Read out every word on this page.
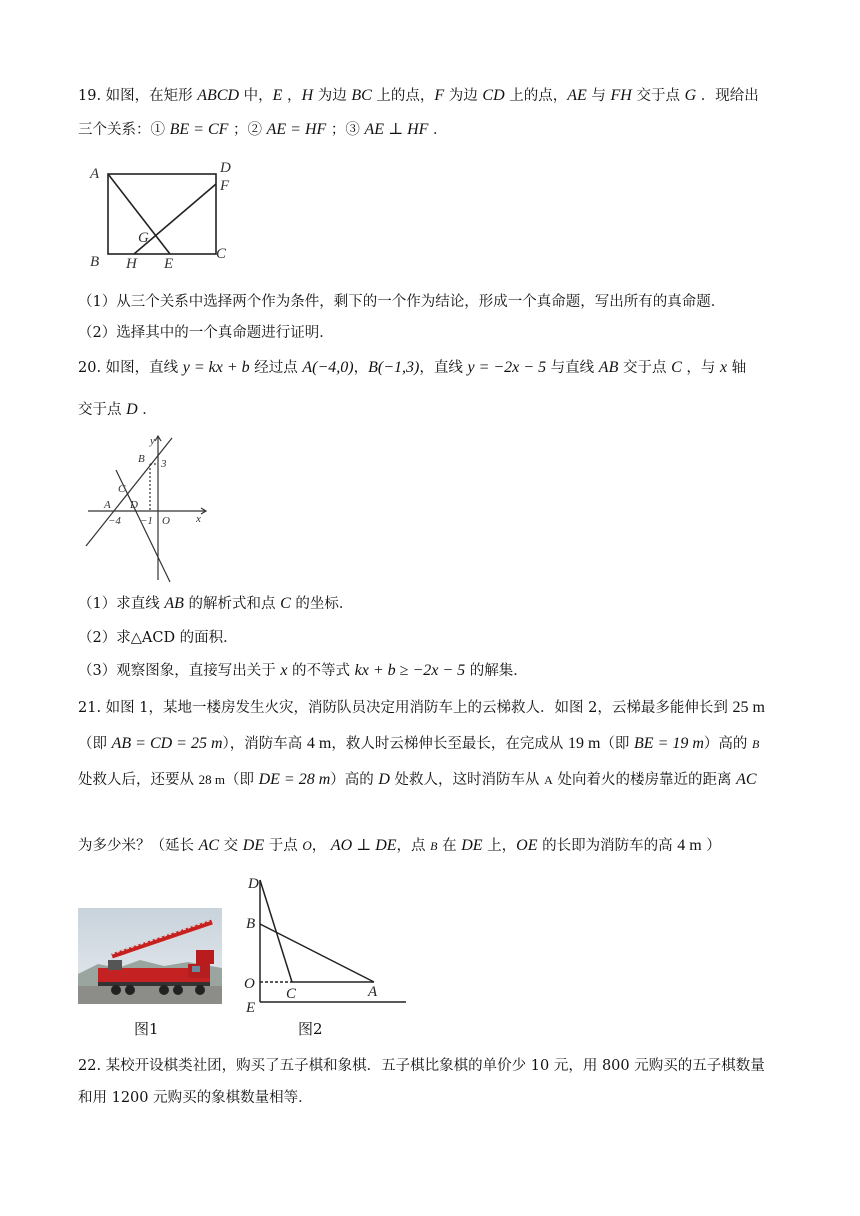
19. 如图，在矩形 ABCD 中，E ，H 为边 BC 上的点，F 为边 CD 上的点，AE 与 FH 交于点 G ．现给出
三个关系：① BE = CF ；② AE = HF ；③ AE ⊥ HF ．
A	D
F
G
C
B H E
（1）从三个关系中选择两个作为条件，剩下的一个作为结论，形成一个真命题，写出所有的真命题．
（2）选择其中的一个真命题进行证明．
20. 如图，直线 y = kx + b 经过点 A(−4,0)，B(−1,3)，直线 y = −2x − 5 与直线 AB 交于点 C ，与 x 轴
交于点 D ．
y
x
B 3
C
A D
−4 −1 O
（1）求直线 AB 的解析式和点 C 的坐标．
（2）求△ACD 的面积．
（3）观察图象，直接写出关于 x 的不等式 kx + b ≥ −2x − 5 的解集．
21. 如图 1，某地一楼房发生火灾，消防队员决定用消防车上的云梯救人．如图 2，云梯最多能伸长到 25 m
（即 AB = CD = 25 m），消防车高 4 m，救人时云梯伸长至最长，在完成从 19 m（即 BE = 19 m）高的 B
处救人后，还要从 28 m（即 DE = 28 m）高的 D 处救人，这时消防车从 A 处向着火的楼房靠近的距离 AC
为多少米？（延长 AC 交 DE 于点 O， AO ⊥ DE，点 B 在 DE 上，OE 的长即为消防车的高 4 m ）
图1
D
B
O
C	A
E
图2
22. 某校开设棋类社团，购买了五子棋和象棋．五子棋比象棋的单价少 10 元，用 800 元购买的五子棋数量
和用 1200 元购买的象棋数量相等．
